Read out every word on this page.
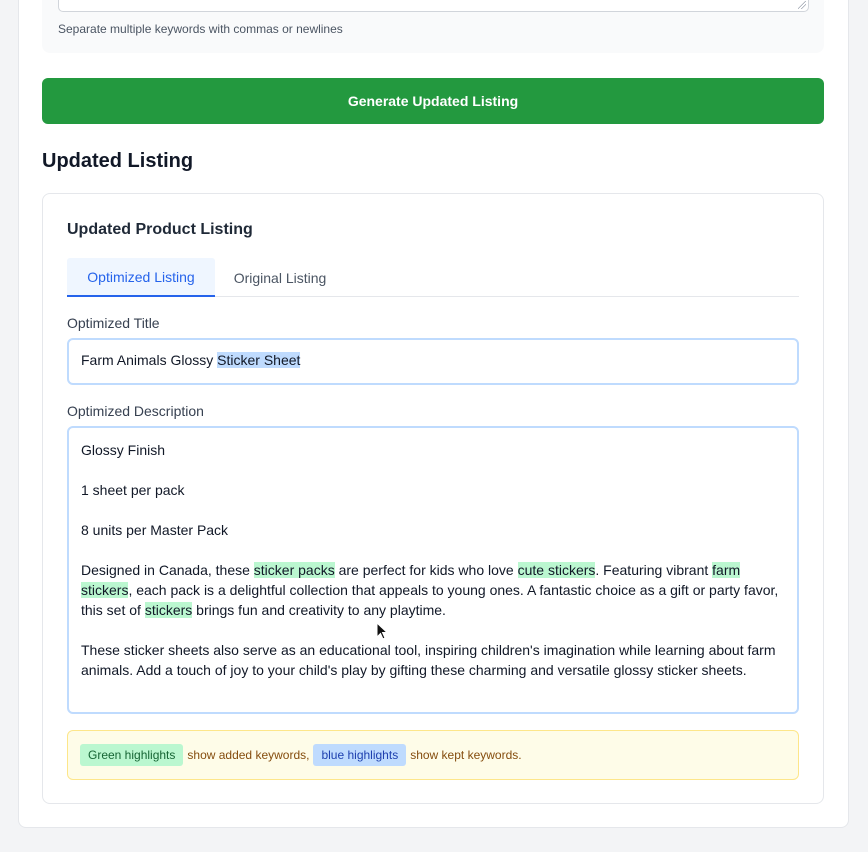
Separate multiple keywords with commas or newlines
Generate Updated Listing
Updated Listing
Updated Product Listing
Optimized Listing	Original Listing
Optimized Title
Farm Animals Glossy Sticker Sheet
Optimized Description

Glossy Finish

1 sheet per pack

8 units per Master Pack

Designed in Canada, these sticker packs are perfect for kids who love cute stickers. Featuring vibrant farm stickers, each pack is a delightful collection that appeals to young ones. A fantastic choice as a gift or party favor, this set of stickers brings fun and creativity to any playtime.

These sticker sheets also serve as an educational tool, inspiring children's imagination while learning about farm animals. Add a touch of joy to your child's play by gifting these charming and versatile glossy sticker sheets.

Green highlights	show added keywords,	blue highlights	show kept keywords.
